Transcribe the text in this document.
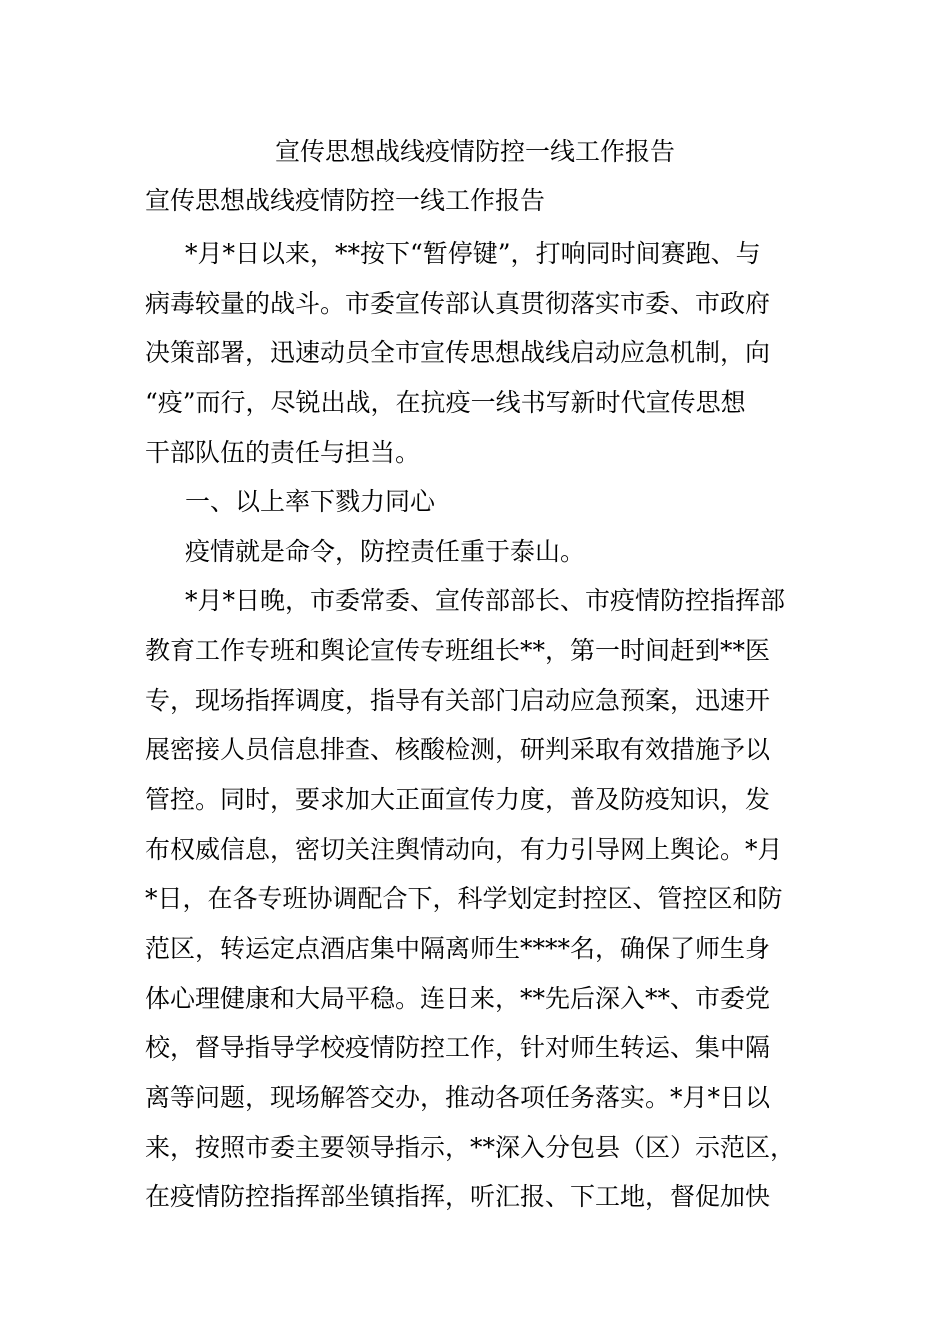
宣传思想战线疫情防控一线工作报告
宣传思想战线疫情防控一线工作报告
*月*日以来，**按下“暂停键”，打响同时间赛跑、与
病毒较量的战斗。市委宣传部认真贯彻落实市委、市政府
决策部署，迅速动员全市宣传思想战线启动应急机制，向
“疫”而行，尽锐出战，在抗疫一线书写新时代宣传思想
干部队伍的责任与担当。
一、以上率下戮力同心
疫情就是命令，防控责任重于泰山。
*月*日晚，市委常委、宣传部部长、市疫情防控指挥部
教育工作专班和舆论宣传专班组长**，第一时间赶到**医
专，现场指挥调度，指导有关部门启动应急预案，迅速开
展密接人员信息排查、核酸检测，研判采取有效措施予以
管控。同时，要求加大正面宣传力度，普及防疫知识，发
布权威信息，密切关注舆情动向，有力引导网上舆论。*月
*日，在各专班协调配合下，科学划定封控区、管控区和防
范区，转运定点酒店集中隔离师生****名，确保了师生身
体心理健康和大局平稳。连日来，**先后深入**、市委党
校，督导指导学校疫情防控工作，针对师生转运、集中隔
离等问题，现场解答交办，推动各项任务落实。*月*日以
来，按照市委主要领导指示，**深入分包县（区）示范区，
在疫情防控指挥部坐镇指挥，听汇报、下工地，督促加快
